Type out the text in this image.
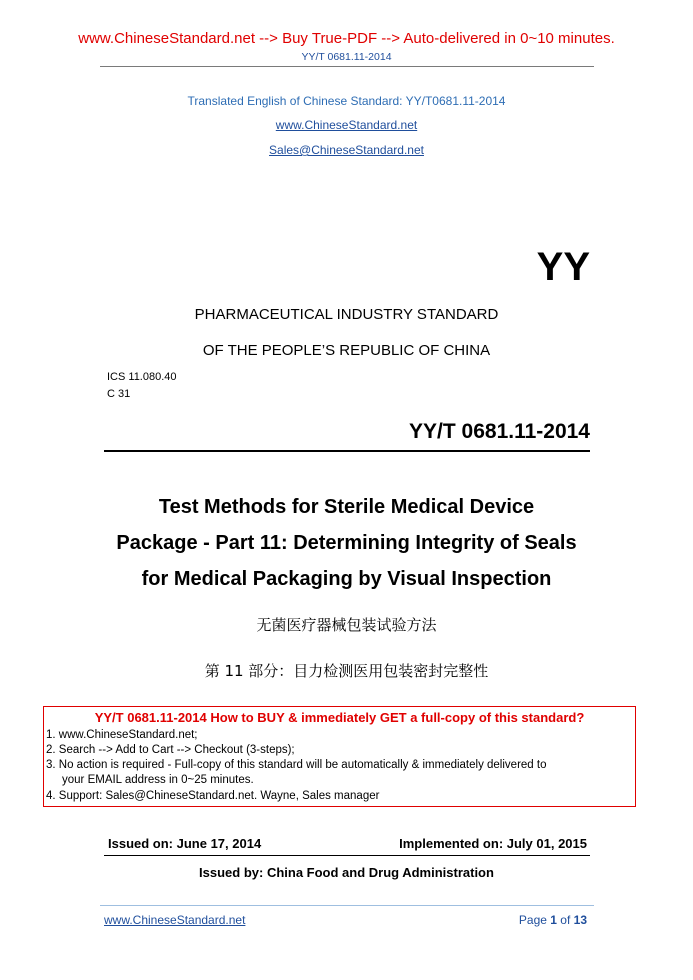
www.ChineseStandard.net --> Buy True-PDF --> Auto-delivered in 0~10 minutes.
YY/T 0681.11-2014
Translated English of Chinese Standard: YY/T0681.11-2014
www.ChineseStandard.net
Sales@ChineseStandard.net
YY
PHARMACEUTICAL INDUSTRY STANDARD
OF THE PEOPLE’S REPUBLIC OF CHINA
ICS 11.080.40
C 31
YY/T 0681.11-2014
Test Methods for Sterile Medical Device
Package - Part 11: Determining Integrity of Seals
for Medical Packaging by Visual Inspection
无菌医疗器械包装试验方法
第 11 部分：目力检测医用包装密封完整性
YY/T 0681.11-2014 How to BUY & immediately GET a full-copy of this standard?
1. www.ChineseStandard.net;
2. Search --> Add to Cart --> Checkout (3-steps);
3. No action is required - Full-copy of this standard will be automatically & immediately delivered to
your EMAIL address in 0~25 minutes.
4. Support: Sales@ChineseStandard.net. Wayne, Sales manager
Issued on: June 17, 2014	Implemented on: July 01, 2015
Issued by: China Food and Drug Administration
www.ChineseStandard.net	Page 1 of 13
